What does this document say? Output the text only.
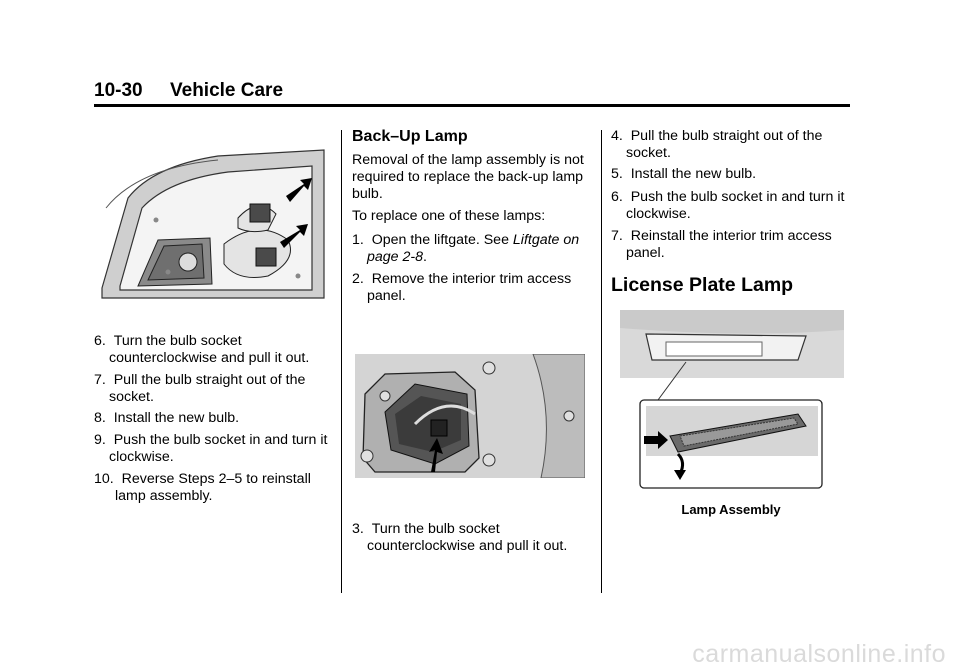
10-30 Vehicle Care
6.  Turn the bulb socket counterclockwise and pull it out.
7.  Pull the bulb straight out of the socket.
8.  Install the new bulb.
9.  Push the bulb socket in and turn it clockwise.
10.  Reverse Steps 2–5 to reinstall lamp assembly.
Back–Up Lamp
Removal of the lamp assembly is not required to replace the back-up lamp bulb.
To replace one of these lamps:
1.  Open the liftgate. See Liftgate on page 2‑8.
2.  Remove the interior trim access panel.
3.  Turn the bulb socket counterclockwise and pull it out.
4.  Pull the bulb straight out of the socket.
5.  Install the new bulb.
6.  Push the bulb socket in and turn it clockwise.
7.  Reinstall the interior trim access panel.
License Plate Lamp
Lamp Assembly
carmanualsonline.info
